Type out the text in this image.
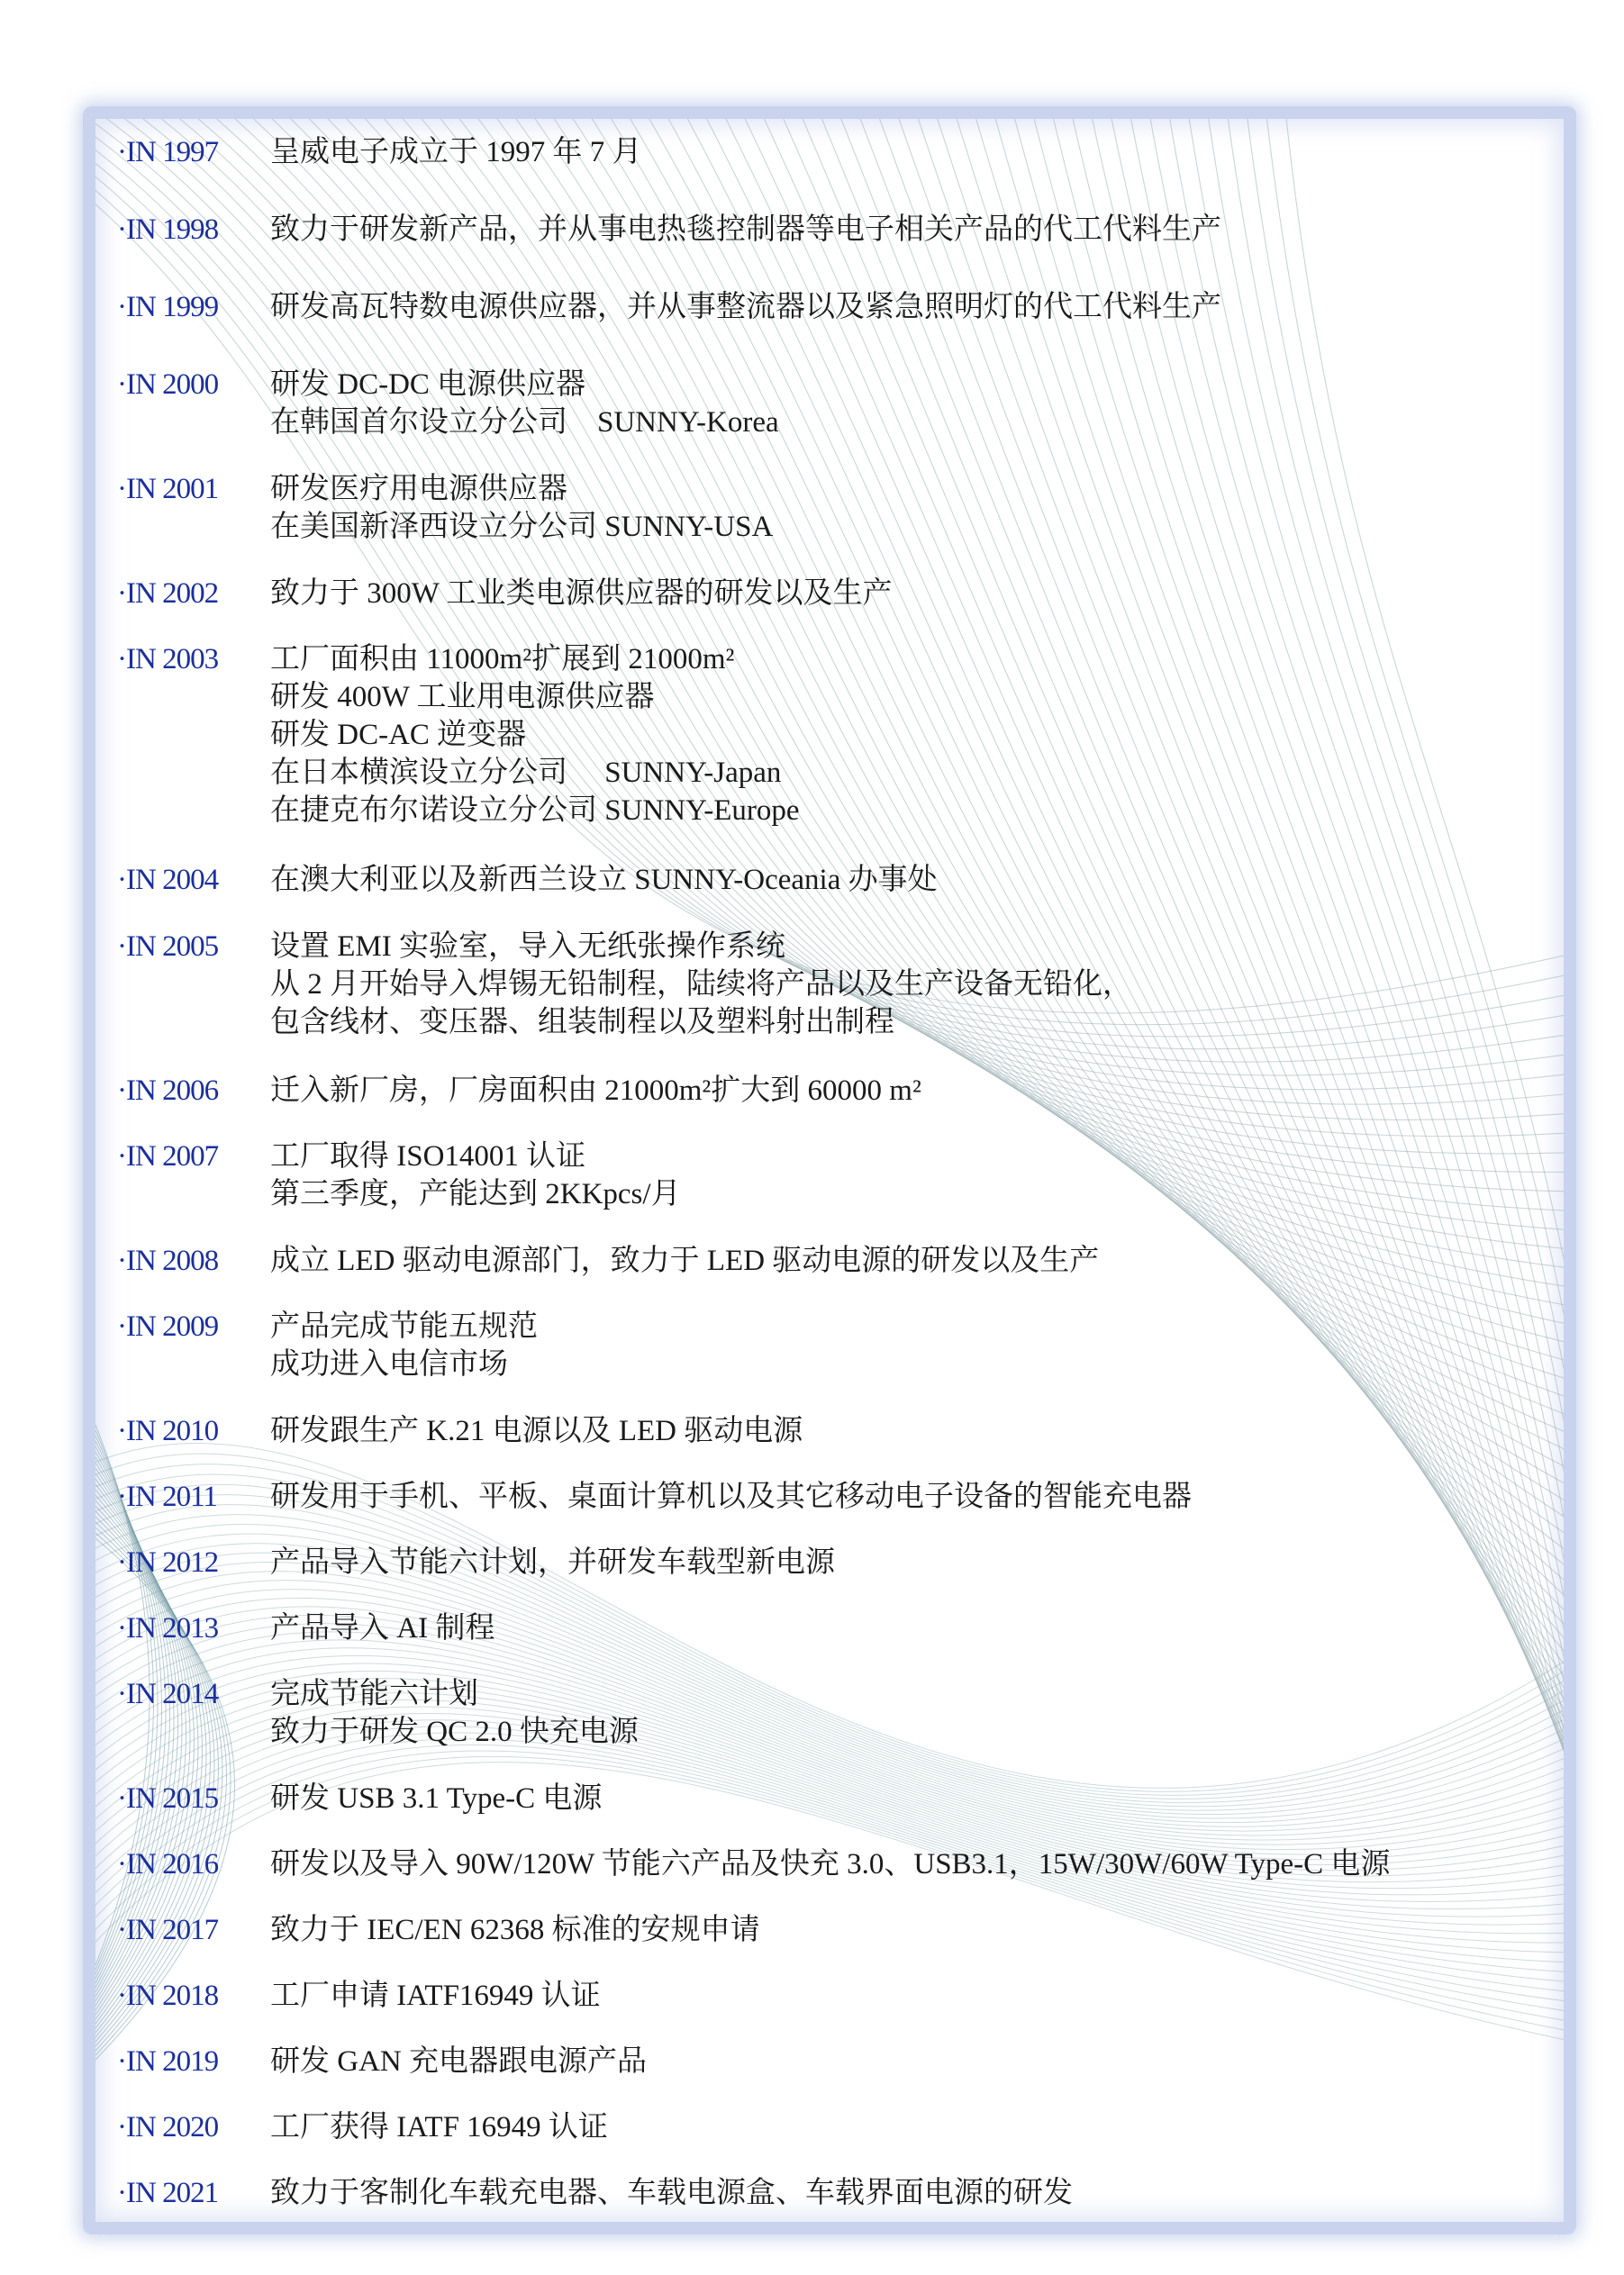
·IN 1997 呈威电子成立于 1997 年 7 月
·IN 1998 致力于研发新产品，并从事电热毯控制器等电子相关产品的代工代料生产
·IN 1999 研发高瓦特数电源供应器，并从事整流器以及紧急照明灯的代工代料生产
·IN 2000 研发 DC-DC 电源供应器
在韩国首尔设立分公司　SUNNY-Korea
·IN 2001 研发医疗用电源供应器
在美国新泽西设立分公司 SUNNY-USA
·IN 2002 致力于 300W 工业类电源供应器的研发以及生产
·IN 2003 工厂面积由 11000m²扩展到 21000m²
研发 400W 工业用电源供应器
研发 DC-AC 逆变器
在日本横滨设立分公司　 SUNNY-Japan
在捷克布尔诺设立分公司 SUNNY-Europe
·IN 2004 在澳大利亚以及新西兰设立 SUNNY-Oceania 办事处
·IN 2005 设置 EMI 实验室，导入无纸张操作系统
从 2 月开始导入焊锡无铅制程，陆续将产品以及生产设备无铅化，
包含线材、变压器、组装制程以及塑料射出制程
·IN 2006 迁入新厂房，厂房面积由 21000m²扩大到 60000 m²
·IN 2007 工厂取得 ISO14001 认证
第三季度，产能达到 2KKpcs/月
·IN 2008 成立 LED 驱动电源部门，致力于 LED 驱动电源的研发以及生产
·IN 2009 产品完成节能五规范
成功进入电信市场
·IN 2010 研发跟生产 K.21 电源以及 LED 驱动电源
·IN 2011 研发用于手机、平板、桌面计算机以及其它移动电子设备的智能充电器
·IN 2012 产品导入节能六计划，并研发车载型新电源
·IN 2013 产品导入 AI 制程
·IN 2014 完成节能六计划
致力于研发 QC 2.0 快充电源
·IN 2015 研发 USB 3.1 Type-C 电源
·IN 2016 研发以及导入 90W/120W 节能六产品及快充 3.0、USB3.1，15W/30W/60W Type-C 电源
·IN 2017 致力于 IEC/EN 62368 标准的安规申请
·IN 2018 工厂申请 IATF16949 认证
·IN 2019 研发 GAN 充电器跟电源产品
·IN 2020 工厂获得 IATF 16949 认证
·IN 2021 致力于客制化车载充电器、车载电源盒、车载界面电源的研发
